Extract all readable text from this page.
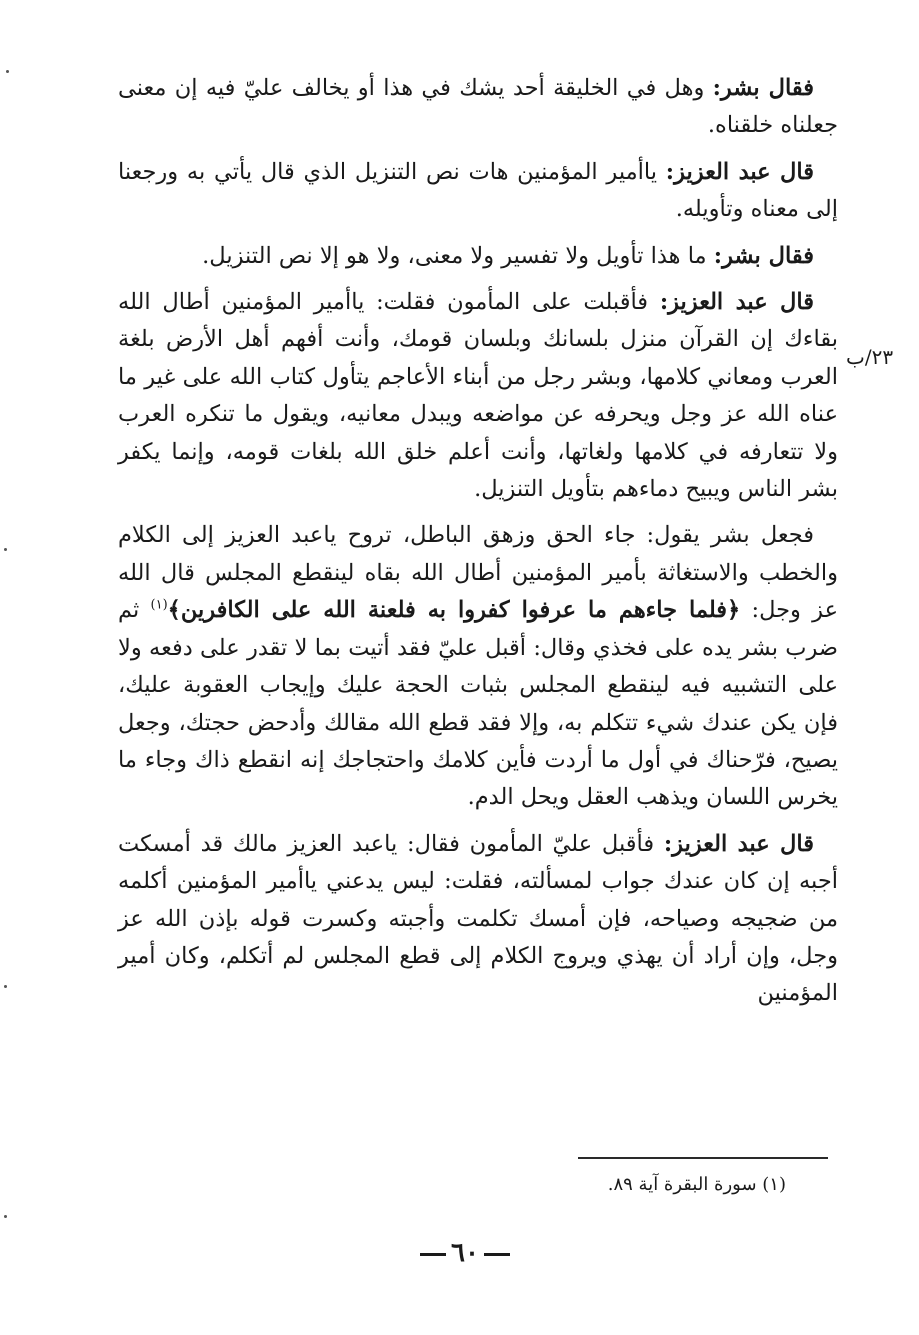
فقال بشر: وهل في الخليقة أحد يشك في هذا أو يخالف عليّ فيه إن معنى جعلناه خلقناه.

قال عبد العزيز: ياأمير المؤمنين هات نص التنزيل الذي قال يأتي به ورجعنا إلى معناه وتأويله.

فقال بشر: ما هذا تأويل ولا تفسير ولا معنى، ولا هو إلا نص التنزيل.

قال عبد العزيز: فأقبلت على المأمون فقلت: ياأمير المؤمنين أطال الله بقاءك إن القرآن منزل بلسانك وبلسان قومك، وأنت أفهم أهل الأرض بلغة العرب ومعاني كلامها، وبشر رجل من أبناء الأعاجم يتأول كتاب الله على غير ما عناه الله عز وجل ويحرفه عن مواضعه ويبدل معانيه، ويقول ما تنكره العرب ولا تتعارفه في كلامها ولغاتها، وأنت أعلم خلق الله بلغات قومه، وإنما يكفر بشر الناس ويبيح دماءهم بتأويل التنزيل.

فجعل بشر يقول: جاء الحق وزهق الباطل، تروح ياعبد العزيز إلى الكلام والخطب والاستغاثة بأمير المؤمنين أطال الله بقاه لينقطع المجلس قال الله عز وجل: ﴿فلما جاءهم ما عرفوا كفروا به فلعنة الله على الكافرين﴾$^{(١)}$ ثم ضرب بشر يده على فخذي وقال: أقبل عليّ فقد أتيت بما لا تقدر على دفعه ولا على التشبيه فيه لينقطع المجلس بثبات الحجة عليك وإيجاب العقوبة عليك، فإن يكن عندك شيء تتكلم به، وإلا فقد قطع الله مقالك وأدحض حجتك، وجعل يصيح، فرّحناك في أول ما أردت فأين كلامك واحتجاجك إنه انقطع ذاك وجاء ما يخرس اللسان ويذهب العقل ويحل الدم.

قال عبد العزيز: فأقبل عليّ المأمون فقال: ياعبد العزيز مالك قد أمسكت أجبه إن كان عندك جواب لمسألته، فقلت: ليس يدعني ياأمير المؤمنين أكلمه من ضجيجه وصياحه، فإن أمسك تكلمت وأجبته وكسرت قوله بإذن الله عز وجل، وإن أراد أن يهذي ويروج الكلام إلى قطع المجلس لم أتكلم، وكان أمير المؤمنين

٢٣/ب
(١) سورة البقرة آية ٨٩.
٦٠
